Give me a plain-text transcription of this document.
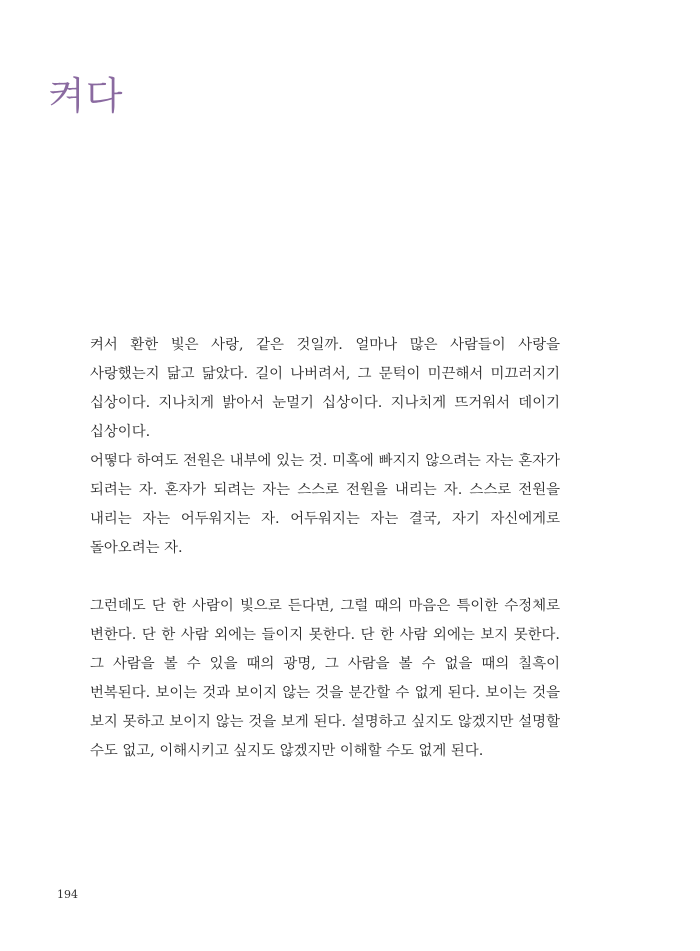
켜다

켜서 환한 빛은 사랑, 같은 것일까. 얼마나 많은 사람들이 사랑을 사랑했는지 닮고 닮았다. 길이 나버려서, 그 문턱이 미끈해서 미끄러지기 십상이다. 지나치게 밝아서 눈멀기 십상이다. 지나치게 뜨거워서 데이기 십상이다.

어떻다 하여도 전원은 내부에 있는 것. 미혹에 빠지지 않으려는 자는 혼자가 되려는 자. 혼자가 되려는 자는 스스로 전원을 내리는 자. 스스로 전원을 내리는 자는 어두워지는 자. 어두워지는 자는 결국, 자기 자신에게로 돌아오려는 자.

그런데도 단 한 사람이 빛으로 든다면, 그럴 때의 마음은 특이한 수정체로 변한다. 단 한 사람 외에는 들이지 못한다. 단 한 사람 외에는 보지 못한다. 그 사람을 볼 수 있을 때의 광명, 그 사람을 볼 수 없을 때의 칠흑이 번복된다. 보이는 것과 보이지 않는 것을 분간할 수 없게 된다. 보이는 것을 보지 못하고 보이지 않는 것을 보게 된다. 설명하고 싶지도 않겠지만 설명할 수도 없고, 이해시키고 싶지도 않겠지만 이해할 수도 없게 된다.

194
